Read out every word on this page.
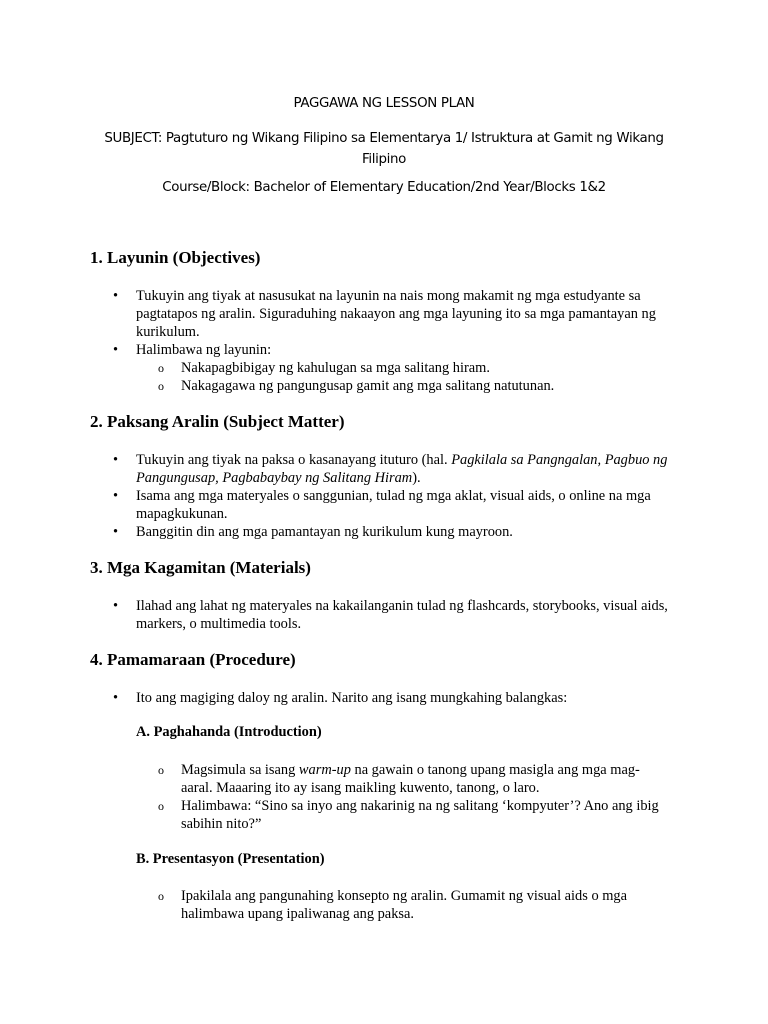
PAGGAWA NG LESSON PLAN

SUBJECT: Pagtuturo ng Wikang Filipino sa Elementarya 1/ Istruktura at Gamit ng Wikang Filipino

Course/Block: Bachelor of Elementary Education/2nd Year/Blocks 1&2

1. Layunin (Objectives)
• Tukuyin ang tiyak at nasusukat na layunin na nais mong makamit ng mga estudyante sa pagtatapos ng aralin. Siguraduhing nakaayon ang mga layuning ito sa mga pamantayan ng kurikulum.
• Halimbawa ng layunin:
o Nakapagbibigay ng kahulugan sa mga salitang hiram.
o Nakagagawa ng pangungusap gamit ang mga salitang natutunan.
2. Paksang Aralin (Subject Matter)
• Tukuyin ang tiyak na paksa o kasanayang ituturo (hal. Pagkilala sa Pangngalan, Pagbuo ng Pangungusap, Pagbabaybay ng Salitang Hiram).
• Isama ang mga materyales o sanggunian, tulad ng mga aklat, visual aids, o online na mga mapagkukunan.
• Banggitin din ang mga pamantayan ng kurikulum kung mayroon.
3. Mga Kagamitan (Materials)
• Ilahad ang lahat ng materyales na kakailanganin tulad ng flashcards, storybooks, visual aids, markers, o multimedia tools.
4. Pamamaraan (Procedure)
• Ito ang magiging daloy ng aralin. Narito ang isang mungkahing balangkas:
A. Paghahanda (Introduction)
o Magsimula sa isang warm-up na gawain o tanong upang masigla ang mga mag-aaral. Maaaring ito ay isang maikling kuwento, tanong, o laro.
o Halimbawa: “Sino sa inyo ang nakarinig na ng salitang ‘kompyuter’? Ano ang ibig sabihin nito?”
B. Presentasyon (Presentation)
o Ipakilala ang pangunahing konsepto ng aralin. Gumamit ng visual aids o mga halimbawa upang ipaliwanag ang paksa.
